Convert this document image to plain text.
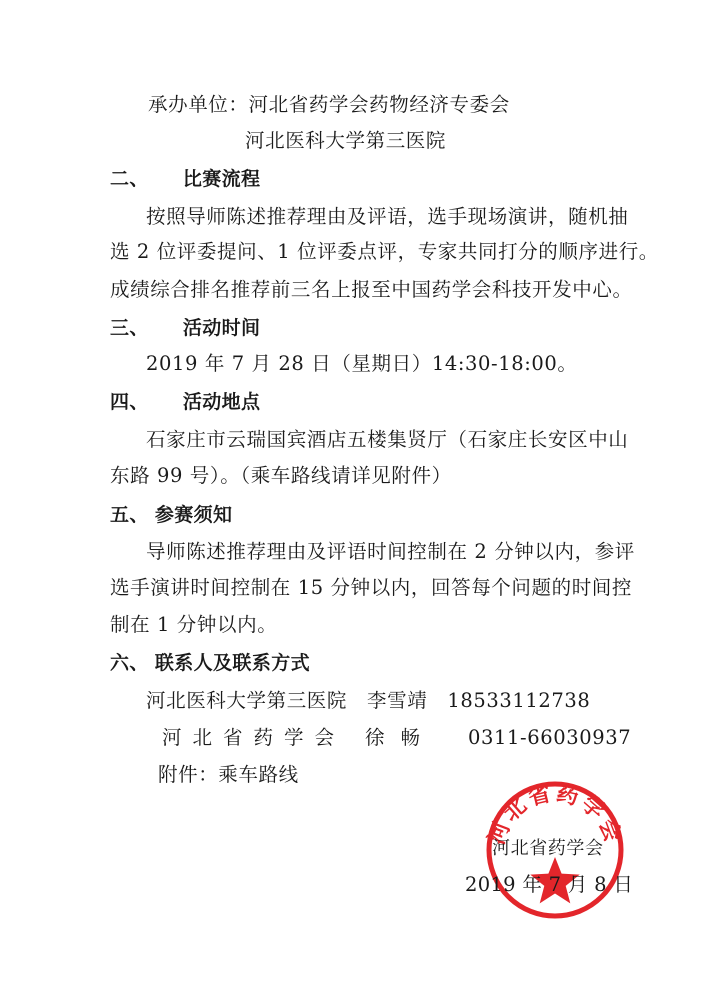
承办单位：河北省药学会药物经济专委会
河北医科大学第三医院
二、 比赛流程
按照导师陈述推荐理由及评语，选手现场演讲，随机抽
选 2 位评委提问、1 位评委点评，专家共同打分的顺序进行。
成绩综合排名推荐前三名上报至中国药学会科技开发中心。
三、 活动时间
2019 年 7 月 28 日（星期日）14:30-18:00。
四、 活动地点
石家庄市云瑞国宾酒店五楼集贤厅（石家庄长安区中山
东路 99 号）。（乘车路线请详见附件）
五、 参赛须知
导师陈述推荐理由及评语时间控制在 2 分钟以内，参评
选手演讲时间控制在 15 分钟以内，回答每个问题的时间控
制在 1 分钟以内。
六、 联系人及联系方式
河北医科大学第三医院 李雪靖 18533112738
河北省药学会 徐畅 0311-66030937
附件：乘车路线
河北省药学会
河北省药学会
2019 年 7 月 8 日
